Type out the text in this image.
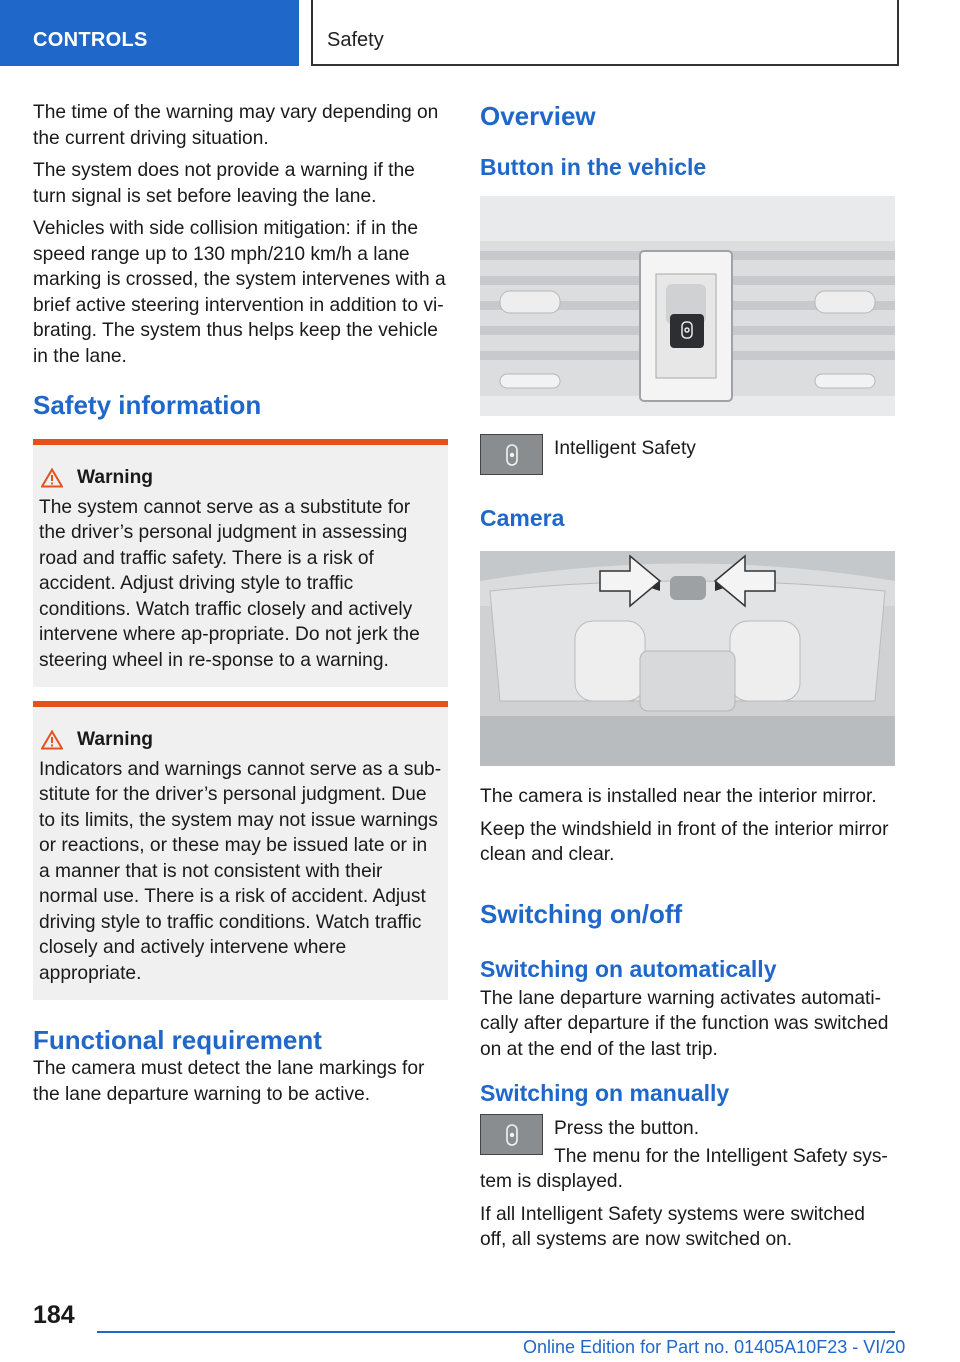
CONTROLS	Safety

The time of the warning may vary depending on the current driving situation.

The system does not provide a warning if the turn signal is set before leaving the lane.

Vehicles with side collision mitigation: if in the speed range up to 130 mph/210 km/h a lane marking is crossed, the system intervenes with a brief active steering intervention in addition to vi‐brating. The system thus helps keep the vehicle in the lane.

Safety information
Warning
The system cannot serve as a substitute for the driver’s personal judgment in assessing road and traffic safety. There is a risk of accident. Adjust driving style to traffic conditions. Watch traffic closely and actively intervene where ap‐propriate. Do not jerk the steering wheel in re‐sponse to a warning.
Warning
Indicators and warnings cannot serve as a sub‐stitute for the driver’s personal judgment. Due to its limits, the system may not issue warnings or reactions, or these may be issued late or in a manner that is not consistent with their normal use. There is a risk of accident. Adjust driving style to traffic conditions. Watch traffic closely and actively intervene where appropriate.
Functional requirement

The camera must detect the lane markings for the lane departure warning to be active.

Overview
Button in the vehicle
Intelligent Safety
Camera

The camera is installed near the interior mirror.

Keep the windshield in front of the interior mirror clean and clear.

Switching on/off
Switching on automatically

The lane departure warning activates automati‐cally after departure if the function was switched on at the end of the last trip.

Switching on manually

Press the button.

The menu for the Intelligent Safety sys‐tem is displayed.

If all Intelligent Safety systems were switched off, all systems are now switched on.

184
Online Edition for Part no. 01405A10F23 - VI/20
